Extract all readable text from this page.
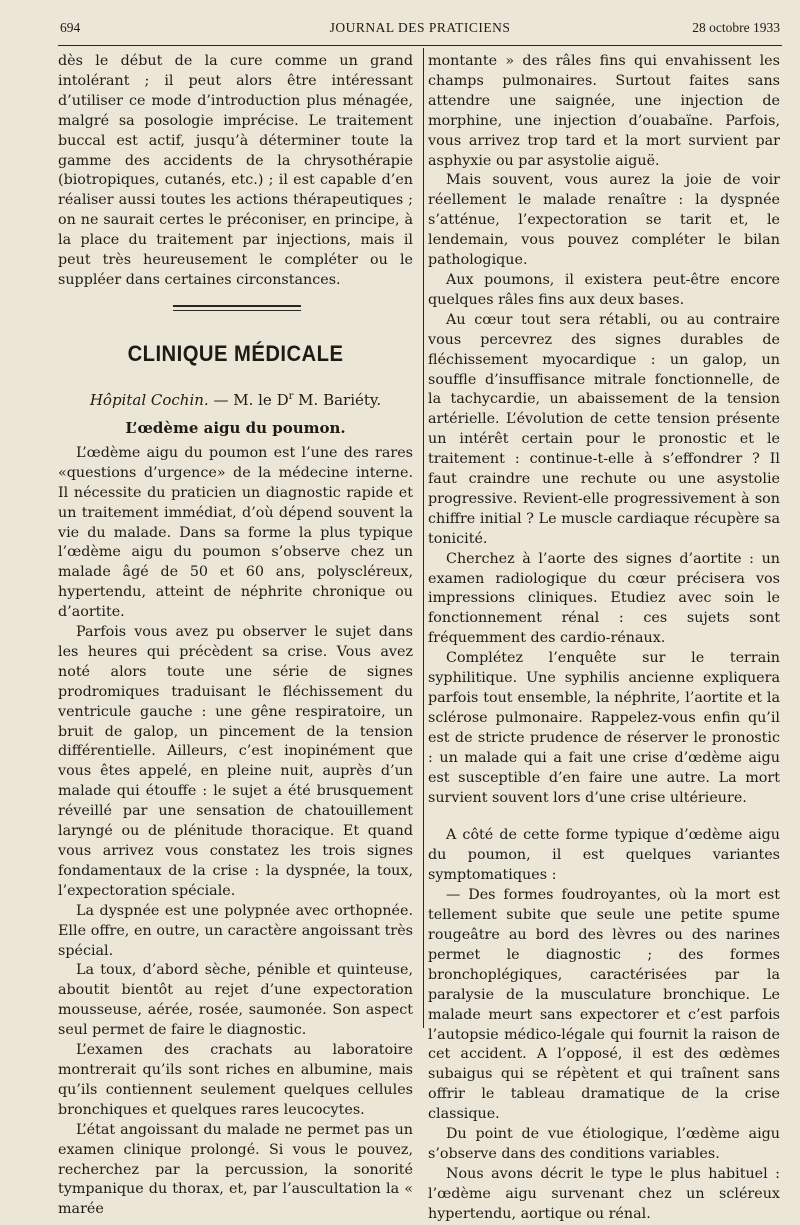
694	JOURNAL DES PRATICIENS	28 octobre 1933

dès le début de la cure comme un grand intolérant ; il peut alors être intéressant d’utiliser ce mode d’introduction plus ménagée, malgré sa posologie imprécise. Le traitement buccal est actif, jusqu’à déterminer toute la gamme des accidents de la chrysothérapie (biotropiques, cutanés, etc.) ; il est capable d’en réaliser aussi toutes les actions thérapeutiques ; on ne saurait certes le préconiser, en principe, à la place du traitement par injections, mais il peut très heureusement le compléter ou le suppléer dans certaines circonstances.

CLINIQUE MÉDICALE
Hôpital Cochin. — M. le $D^r$ M. Bariéty.
L’œdème aigu du poumon.

L’œdème aigu du poumon est l’une des rares «questions d’urgence» de la médecine interne. Il nécessite du praticien un diagnostic rapide et un traitement immédiat, d’où dépend souvent la vie du malade. Dans sa forme la plus typique l’œdème aigu du poumon s’observe chez un malade âgé de 50 et 60 ans, polyscléreux, hypertendu, atteint de néphrite chronique ou d’aortite.

Parfois vous avez pu observer le sujet dans les heures qui précèdent sa crise. Vous avez noté alors toute une série de signes prodromiques traduisant le fléchissement du ventricule gauche : une gêne respiratoire, un bruit de galop, un pincement de la tension différentielle. Ailleurs, c’est inopinément que vous êtes appelé, en pleine nuit, auprès d’un malade qui étouffe : le sujet a été brusquement réveillé par une sensation de chatouillement laryngé ou de plénitude thoracique. Et quand vous arrivez vous constatez les trois signes fondamentaux de la crise : la dyspnée, la toux, l’expectoration spéciale.

La dyspnée est une polypnée avec orthopnée. Elle offre, en outre, un caractère angoissant très spécial.

La toux, d’abord sèche, pénible et quinteuse, aboutit bientôt au rejet d’une expectoration mousseuse, aérée, rosée, saumonée. Son aspect seul permet de faire le diagnostic.

L’examen des crachats au laboratoire montrerait qu’ils sont riches en albumine, mais qu’ils contiennent seulement quelques cellules bronchiques et quelques rares leucocytes.

L’état angoissant du malade ne permet pas un examen clinique prolongé. Si vous le pouvez, recherchez par la percussion, la sonorité tympanique du thorax, et, par l’auscultation la « marée

montante » des râles fins qui envahissent les champs pulmonaires. Surtout faites sans attendre une saignée, une injection de morphine, une injection d’ouabaïne. Parfois, vous arrivez trop tard et la mort survient par asphyxie ou par asystolie aiguë.

Mais souvent, vous aurez la joie de voir réellement le malade renaître : la dyspnée s’atténue, l’expectoration se tarit et, le lendemain, vous pouvez compléter le bilan pathologique.

Aux poumons, il existera peut-être encore quelques râles fins aux deux bases.

Au cœur tout sera rétabli, ou au contraire vous percevrez des signes durables de fléchissement myocardique : un galop, un souffle d’insuffisance mitrale fonctionnelle, de la tachycardie, un abaissement de la tension artérielle. L’évolution de cette tension présente un intérêt certain pour le pronostic et le traitement : continue-t-elle à s’effondrer ? Il faut craindre une rechute ou une asystolie progressive. Revient-elle progressivement à son chiffre initial ? Le muscle cardiaque récupère sa tonicité.

Cherchez à l’aorte des signes d’aortite : un examen radiologique du cœur précisera vos impressions cliniques. Etudiez avec soin le fonctionnement rénal : ces sujets sont fréquemment des cardio-rénaux.

Complétez l’enquête sur le terrain syphilitique. Une syphilis ancienne expliquera parfois tout ensemble, la néphrite, l’aortite et la sclérose pulmonaire. Rappelez-vous enfin qu’il est de stricte prudence de réserver le pronostic : un malade qui a fait une crise d’œdème aigu est susceptible d’en faire une autre. La mort survient souvent lors d’une crise ultérieure.

A côté de cette forme typique d’œdème aigu du poumon, il est quelques variantes symptomatiques :

— Des formes foudroyantes, où la mort est tellement subite que seule une petite spume rougeâtre au bord des lèvres ou des narines permet le diagnostic ; des formes bronchoplégiques, caractérisées par la paralysie de la musculature bronchique. Le malade meurt sans expectorer et c’est parfois l’autopsie médico-légale qui fournit la raison de cet accident. A l’opposé, il est des œdèmes subaigus qui se répètent et qui traînent sans offrir le tableau dramatique de la crise classique.

Du point de vue étiologique, l’œdème aigu s’observe dans des conditions variables.

Nous avons décrit le type le plus habituel : l’œdème aigu survenant chez un scléreux hypertendu, aortique ou rénal.
